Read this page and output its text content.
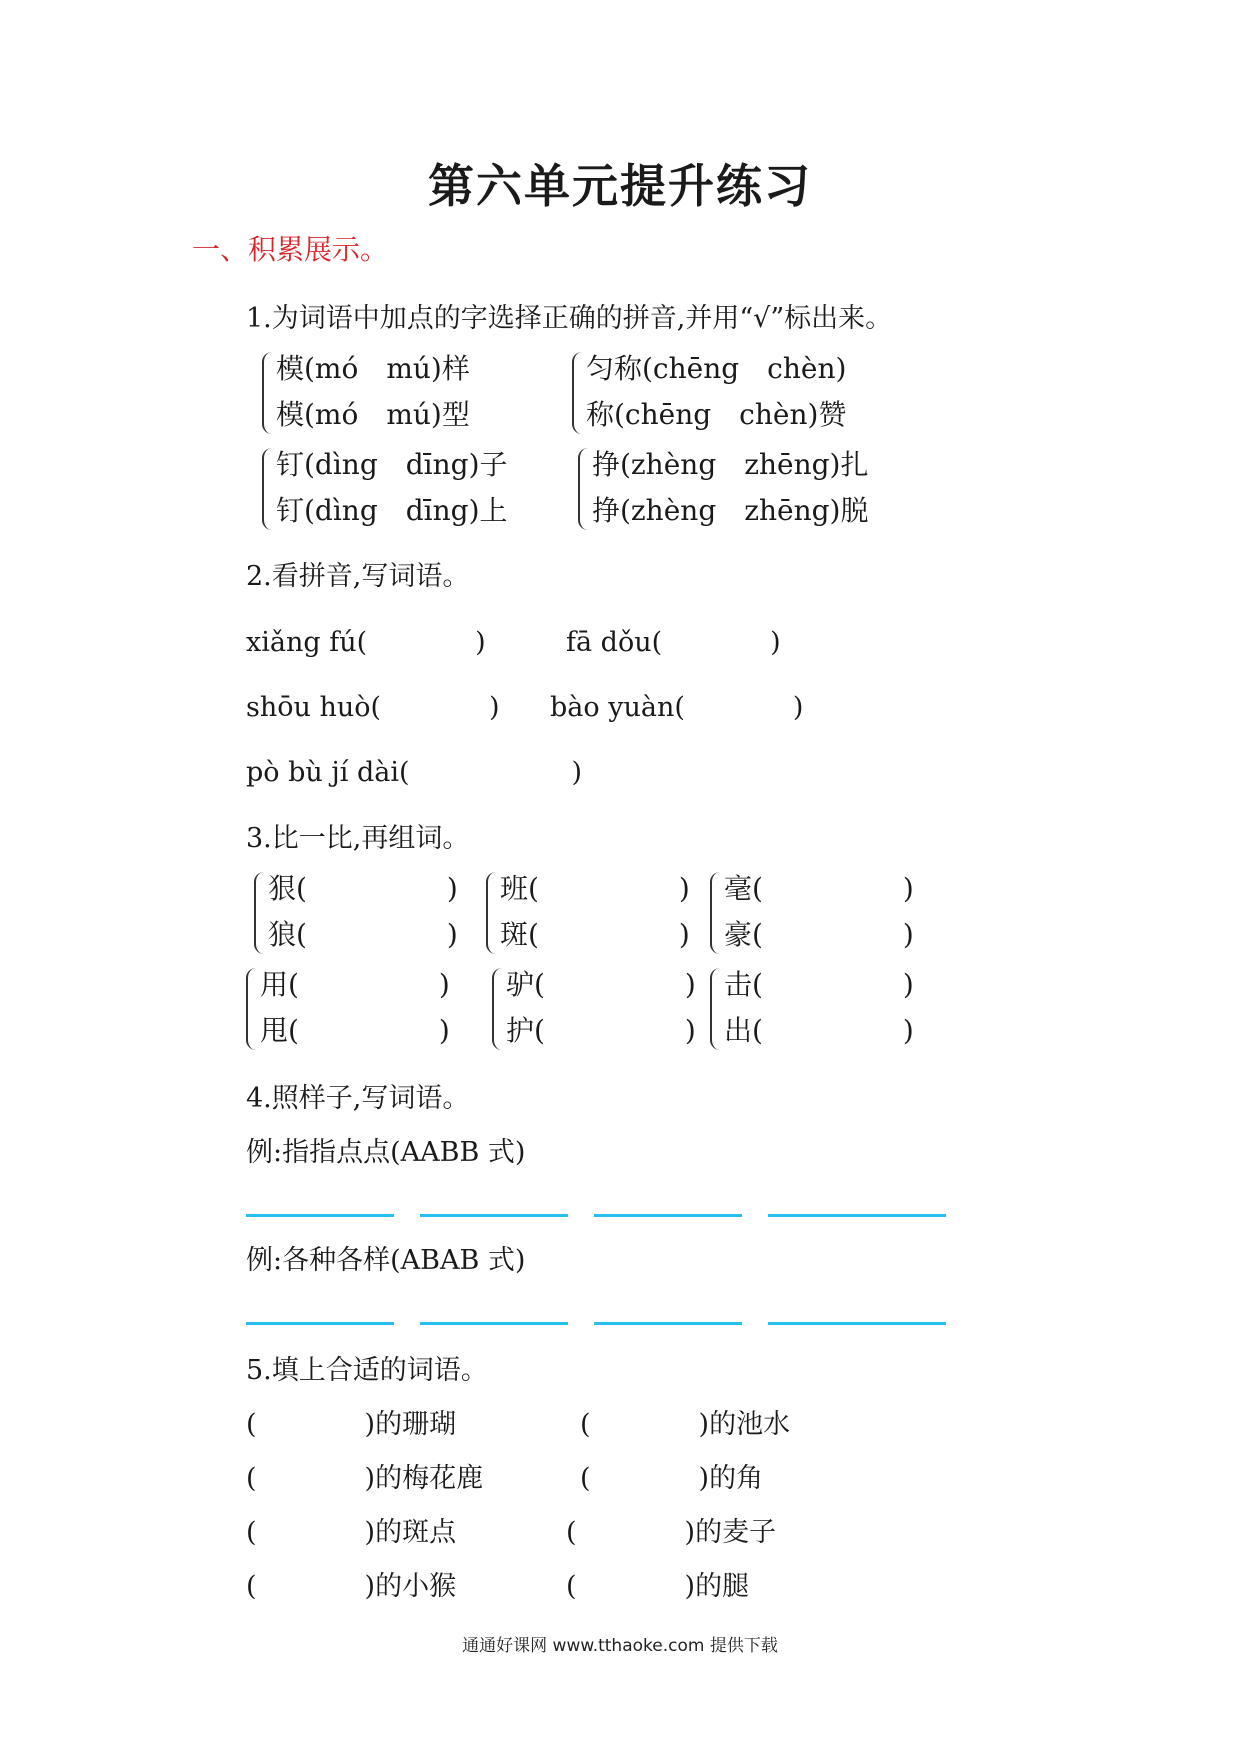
第六单元提升练习
一、积累展示。
1.为词语中加点的字选择正确的拼音,并用“√”标出来。
模(mó　mú)样
模(mó　mú)型
匀称(chēng　chèn)
称(chēng　chèn)赞
钉(dìng　dīng)子
钉(dìng　dīng)上
挣(zhèng　zhēng)扎
挣(zhèng　zhēng)脱
2.看拼音,写词语。
xiǎng fú(　　　　)	fā dǒu(　　　　)
shōu huò(　　　　) bào yuàn(　　　　)
pò bù jí dài(　　　　　　)
3.比一比,再组词。
狠(　　　　　)
狼(　　　　　)
班(　　　　　)
斑(　　　　　)
毫(　　　　　)
豪(　　　　　)
用(　　　　　)
甩(　　　　　)
驴(　　　　　)
护(　　　　　)
击(　　　　　)
出(　　　　　)
4.照样子,写词语。
例:指指点点(AABB 式)
例:各种各样(ABAB 式)
5.填上合适的词语。
(　　　　)的珊瑚	(　　　　)的池水
(　　　　)的梅花鹿	(　　　　)的角
(　　　　)的斑点	(　　　　)的麦子
(　　　　)的小猴	(　　　　)的腿
通通好课网 www.tthaoke.com 提供下载
